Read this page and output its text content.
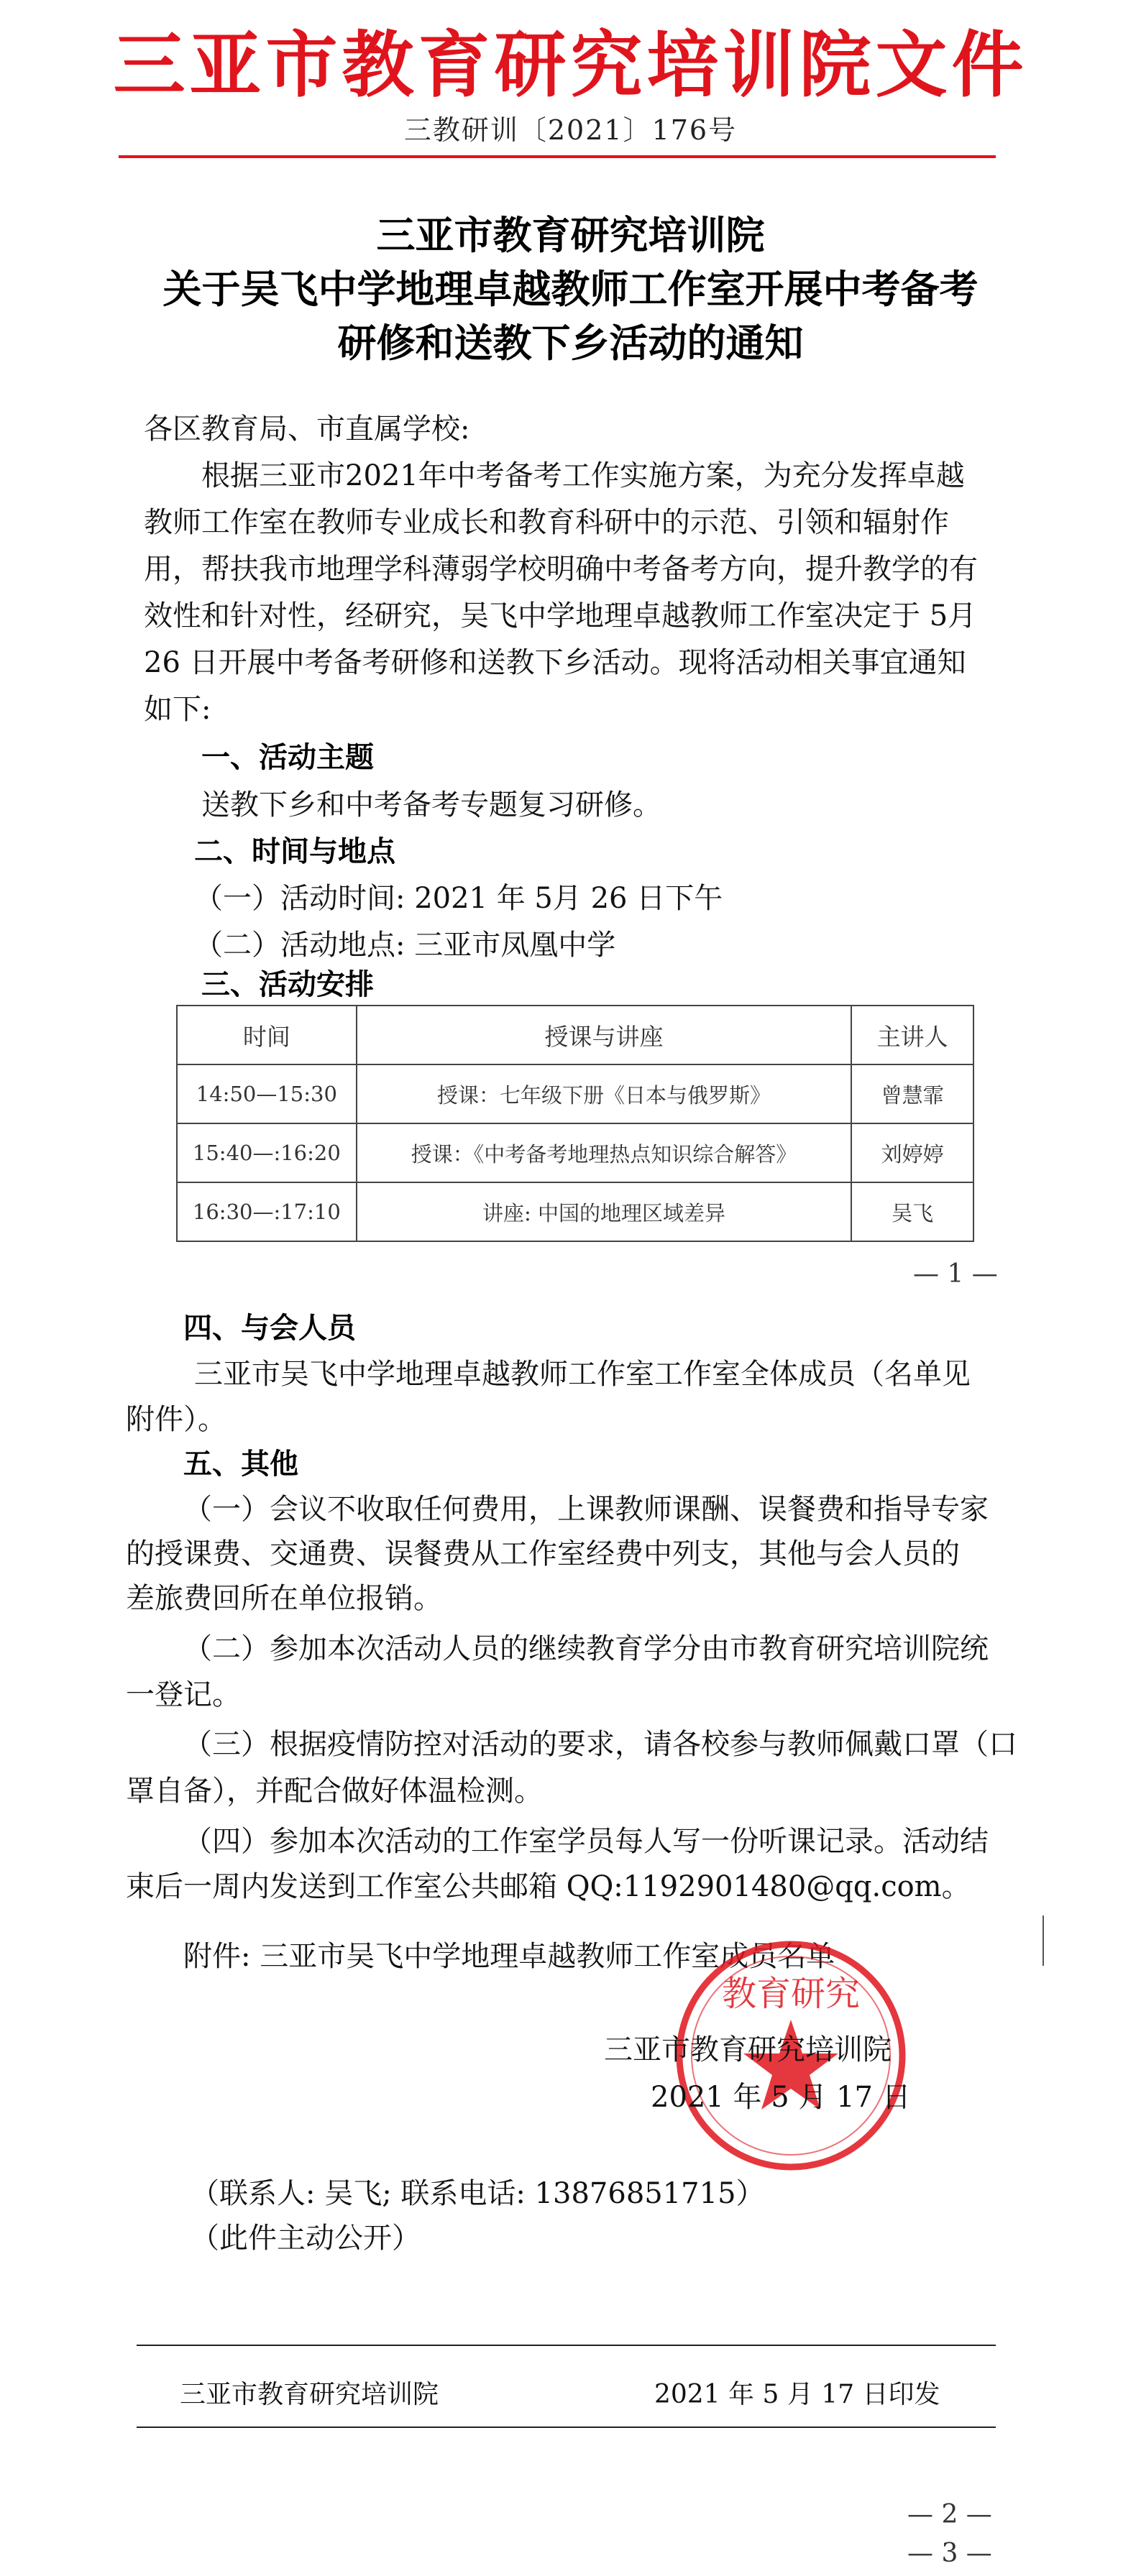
三亚市教育研究培训院文件
三教研训〔2021〕176号
三亚市教育研究培训院
关于吴飞中学地理卓越教师工作室开展中考备考
研修和送教下乡活动的通知
各区教育局、市直属学校:
根据三亚市2021年中考备考工作实施方案，为充分发挥卓越
教师工作室在教师专业成长和教育科研中的示范、引领和辐射作
用，帮扶我市地理学科薄弱学校明确中考备考方向，提升教学的有
效性和针对性，经研究，吴飞中学地理卓越教师工作室决定于 5月
26 日开展中考备考研修和送教下乡活动。现将活动相关事宜通知
如下:
一、活动主题
送教下乡和中考备考专题复习研修。
二、时间与地点
（一）活动时间: 2021 年 5月 26 日下午
（二）活动地点: 三亚市凤凰中学
三、活动安排
时间	授课与讲座	主讲人
14:50—15:30	授课：七年级下册《日本与俄罗斯》	曾慧霏
15:40—:16:20	授课：《中考备考地理热点知识综合解答》	刘婷婷
16:30—:17:10	讲座: 中国的地理区域差异	吴飞
— 1 —
四、与会人员
三亚市吴飞中学地理卓越教师工作室工作室全体成员（名单见
附件）。
五、其他
（一）会议不收取任何费用，上课教师课酬、误餐费和指导专家
的授课费、交通费、误餐费从工作室经费中列支，其他与会人员的
差旅费回所在单位报销。
（二）参加本次活动人员的继续教育学分由市教育研究培训院统
一登记。
（三）根据疫情防控对活动的要求，请各校参与教师佩戴口罩（口
罩自备），并配合做好体温检测。
（四）参加本次活动的工作室学员每人写一份听课记录。活动结
束后一周内发送到工作室公共邮箱 QQ:1192901480@qq.com。
附件: 三亚市吴飞中学地理卓越教师工作室成员名单
教育研究
三亚市教育研究培训院
2021 年 5 月 17 日
（联系人: 吴飞; 联系电话: 13876851715）
（此件主动公开）
三亚市教育研究培训院	2021 年 5 月 17 日印发
— 2 —
— 3 —
